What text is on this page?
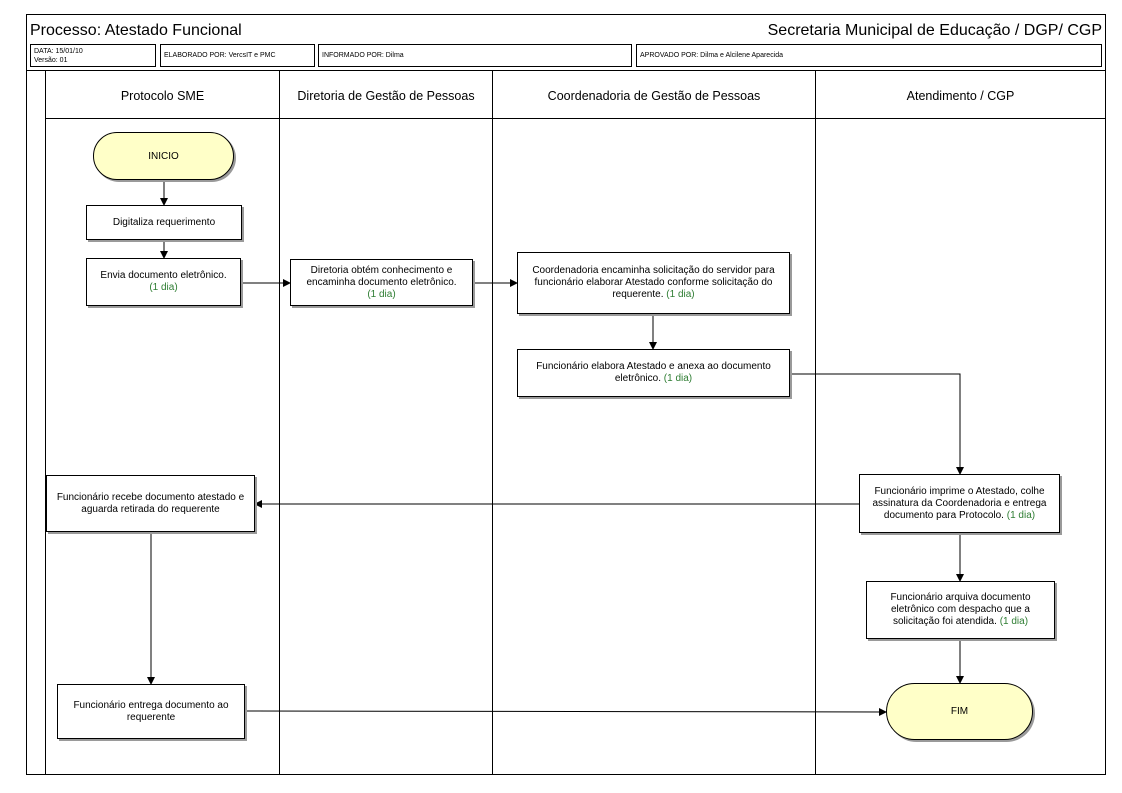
Processo: Atestado Funcional	Secretaria Municipal de Educação / DGP/ CGP
DATA: 15/01/10
Versão: 01
ELABORADO POR: VercsIT e PMC	INFORMADO POR: Dilma	APROVADO POR: Dilma e Alcilene Aparecida
Protocolo SME	Diretoria de Gestão de Pessoas	Coordenadoria de Gestão de Pessoas	Atendimento / CGP
INICIO
Digitaliza requerimento
Envia documento eletrônico.
(1 dia)
Diretoria obtém conhecimento e encaminha documento eletrônico.
(1 dia)
Coordenadoria encaminha solicitação do servidor para funcionário elaborar Atestado conforme solicitação do requerente. (1 dia)
Funcionário elabora Atestado e anexa ao documento eletrônico. (1 dia)
Funcionário imprime o Atestado, colhe assinatura da Coordenadoria e entrega documento para Protocolo. (1 dia)
Funcionário recebe documento atestado e aguarda retirada do requerente
Funcionário arquiva documento eletrônico com despacho que a solicitação foi atendida. (1 dia)
Funcionário entrega documento ao requerente	FIM
